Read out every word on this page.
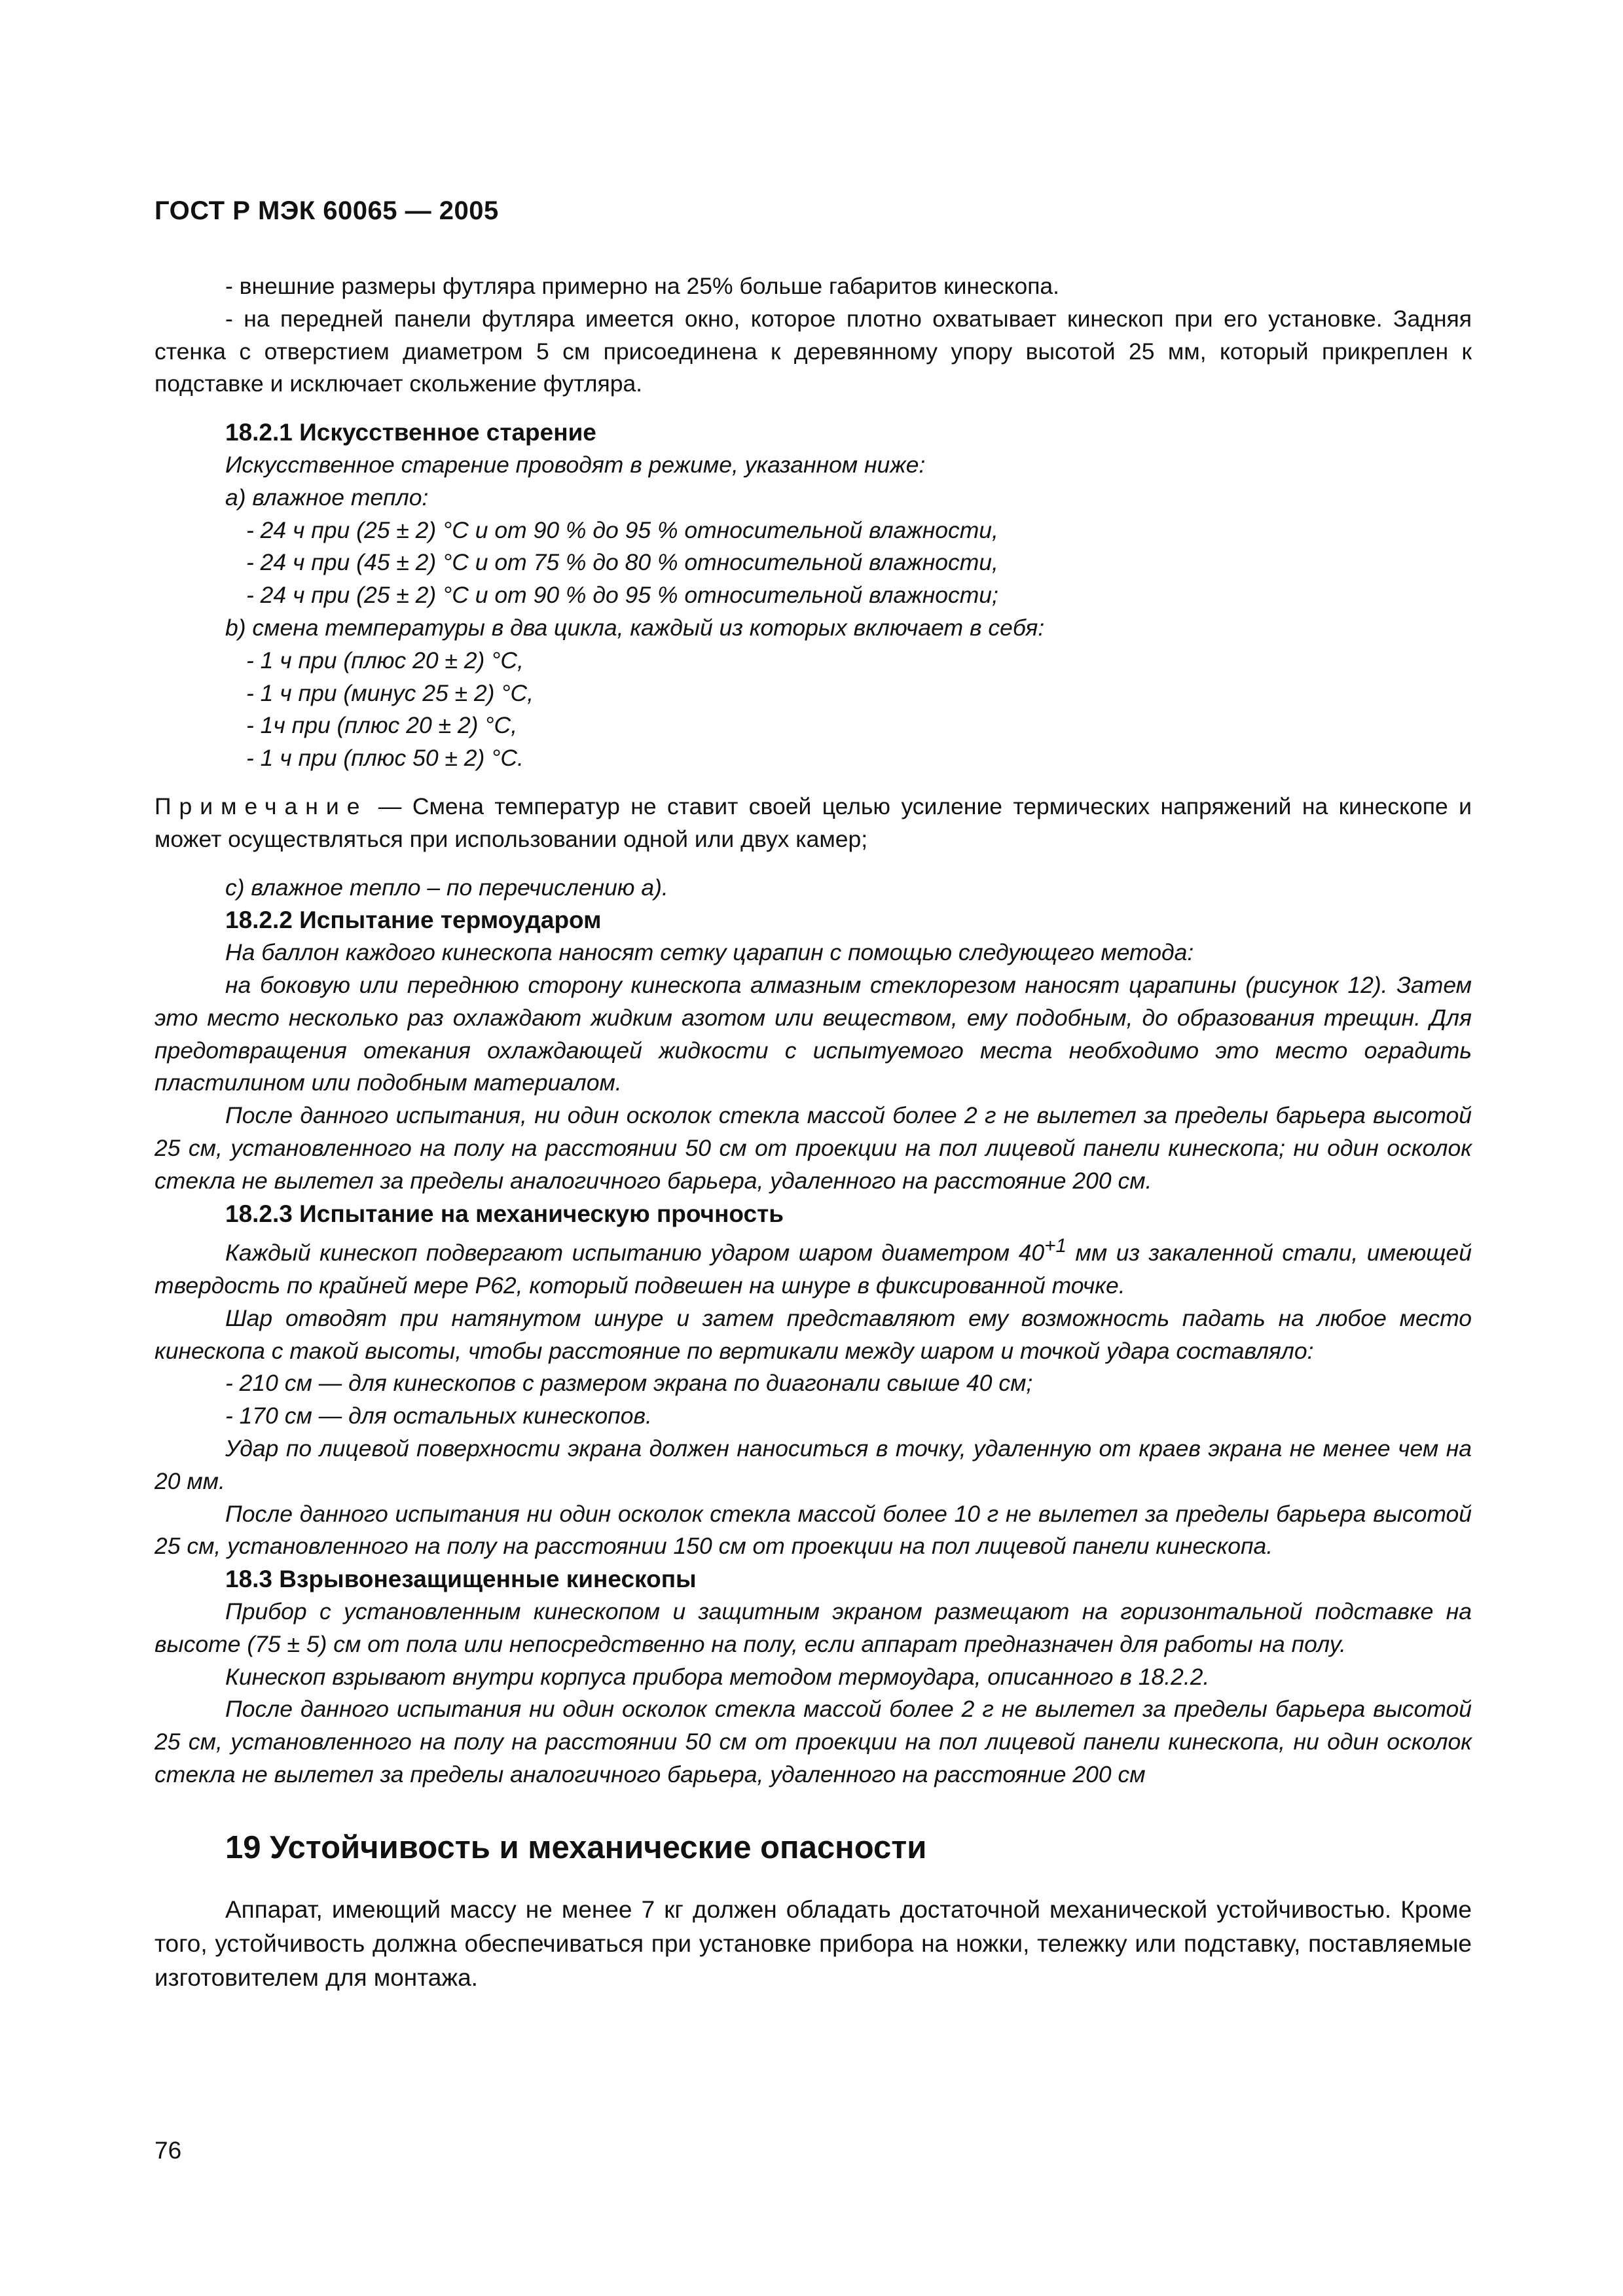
ГОСТ Р МЭК 60065 — 2005

- внешние размеры футляра примерно на 25% больше габаритов кинескопа.

- на передней панели футляра имеется окно, которое плотно охватывает кинескоп при его установке. Задняя стенка с отверстием диаметром 5 см присоединена к деревянному упору высотой 25 мм, который прикреплен к подставке и исключает скольжение футляра.

18.2.1 Искусственное старение

Искусственное старение проводят в режиме, указанном ниже:

a) влажное тепло:

- 24 ч при (25 ± 2) °С и от 90 % до 95 % относительной влажности,

- 24 ч при (45 ± 2) °С и от 75 % до 80 % относительной влажности,

- 24 ч при (25 ± 2) °С и от 90 % до 95 % относительной влажности;

b) смена температуры в два цикла, каждый из которых включает в себя:

- 1 ч при (плюс 20 ± 2) °С,

- 1 ч при (минус 25 ± 2) °С,

- 1ч при (плюс 20 ± 2) °С,

- 1 ч при (плюс 50 ± 2) °С.

Примечание — Смена температур не ставит своей целью усиление термических напряжений на кинескопе и может осуществляться при использовании одной или двух камер;

c) влажное тепло – по перечислению а).

18.2.2 Испытание термоударом

На баллон каждого кинескопа наносят сетку царапин с помощью следующего метода:

на боковую или переднюю сторону кинескопа алмазным стеклорезом наносят царапины (рисунок 12). Затем это место несколько раз охлаждают жидким азотом или веществом, ему подобным, до образования трещин. Для предотвращения отекания охлаждающей жидкости с испытуемого места необходимо это место оградить пластилином или подобным материалом.

После данного испытания, ни один осколок стекла массой более 2 г не вылетел за пределы барьера высотой 25 см, установленного на полу на расстоянии 50 см от проекции на пол лицевой панели кинескопа; ни один осколок стекла не вылетел за пределы аналогичного барьера, удаленного на расстояние 200 см.

18.2.3 Испытание на механическую прочность

Каждый кинескоп подвергают испытанию ударом шаром диаметром $40^{+1}$ мм из закаленной стали, имеющей твердость по крайней мере Р62, который подвешен на шнуре в фиксированной точке.

Шар отводят при натянутом шнуре и затем представляют ему возможность падать на любое место кинескопа с такой высоты, чтобы расстояние по вертикали между шаром и точкой удара составляло:

- 210 см — для кинескопов с размером экрана по диагонали свыше 40 см;

- 170 см — для остальных кинескопов.

Удар по лицевой поверхности экрана должен наноситься в точку, удаленную от краев экрана не менее чем на 20 мм.

После данного испытания ни один осколок стекла массой более 10 г не вылетел за пределы барьера высотой 25 см, установленного на полу на расстоянии 150 см от проекции на пол лицевой панели кинескопа.

18.3 Взрывонезащищенные кинескопы

Прибор с установленным кинескопом и защитным экраном размещают на горизонтальной подставке на высоте (75 ± 5) см от пола или непосредственно на полу, если аппарат предназначен для работы на полу.

Кинескоп взрывают внутри корпуса прибора методом термоудара, описанного в 18.2.2.

После данного испытания ни один осколок стекла массой более 2 г не вылетел за пределы барьера высотой 25 см, установленного на полу на расстоянии 50 см от проекции на пол лицевой панели кинескопа, ни один осколок стекла не вылетел за пределы аналогичного барьера, удаленного на расстояние 200 см

19 Устойчивость и механические опасности

Аппарат, имеющий массу не менее 7 кг должен обладать достаточной механической устойчивостью. Кроме того, устойчивость должна обеспечиваться при установке прибора на ножки, тележку или подставку, поставляемые изготовителем для монтажа.

76
